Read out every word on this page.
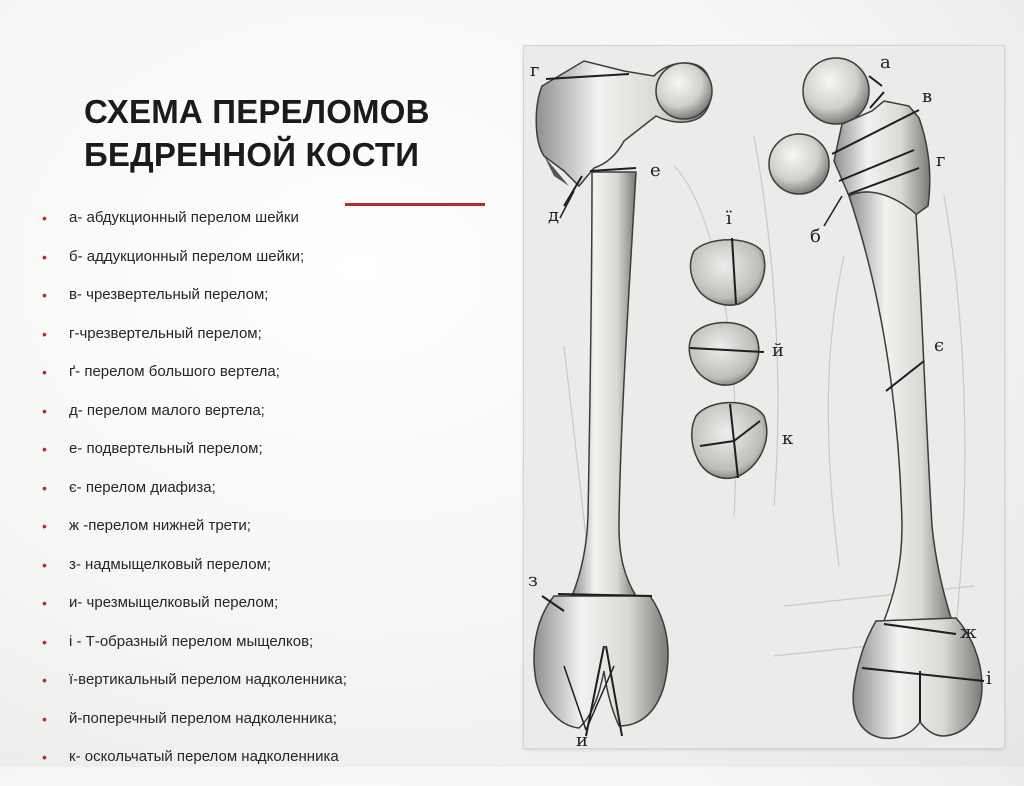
СХЕМА ПЕРЕЛОМОВ
БЕДРЕННОЙ КОСТИ
• а- абдукционный перелом шейки
• б- аддукционный перелом шейки;
• в- чрезвертельный перелом;
• г-чрезвертельный перелом;
• ґ- перелом большого вертела;
• д- перелом малого вертела;
• е- подвертельный перелом;
• є- перелом диафиза;
• ж -перелом нижней трети;
• з- надмыщелковый перелом;
• и- чрезмыщелковый перелом;
• і - Т-образный перелом мыщелков;
• ї-вертикальный перелом надколенника;
• й-поперечный перелом надколенника;
• к- оскольчатый перелом надколенника
г
д
е
з
и
ї
й
к
а
в
г
б
є
ж
і
